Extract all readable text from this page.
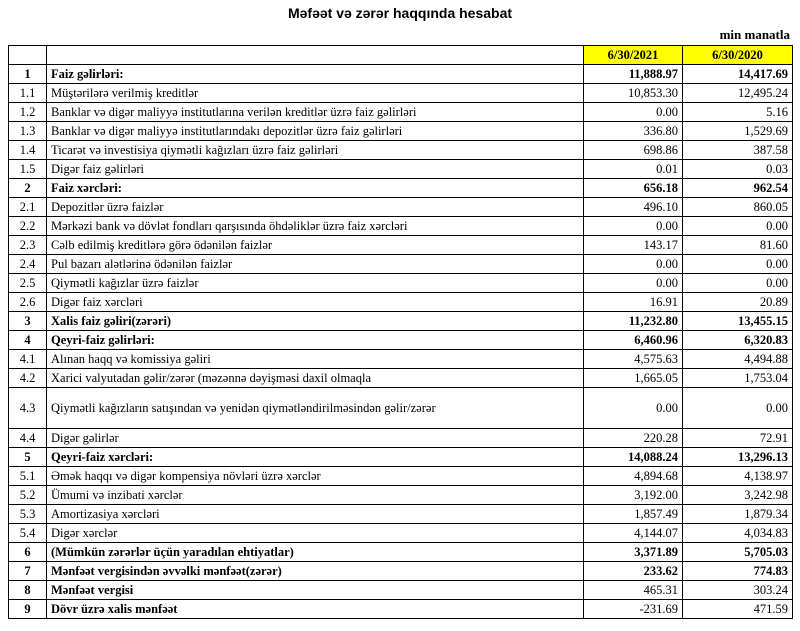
Məfəət və zərər haqqında hesabat
min manatla
		6/30/2021	6/30/2020
1	Faiz gəlirləri:	11,888.97	14,417.69
1.1	Müştərilərə verilmiş kreditlər	10,853.30	12,495.24
1.2	Banklar və digər maliyyə institutlarına verilən kreditlər üzrə faiz gəlirləri	0.00	5.16
1.3	Banklar və digər maliyyə institutlarındakı depozitlər üzrə faiz gəlirləri	336.80	1,529.69
1.4	Ticarət və investisiya qiymətli kağızları üzrə faiz gəlirləri	698.86	387.58
1.5	Digər faiz gəlirləri	0.01	0.03
2	Faiz xərcləri:	656.18	962.54
2.1	Depozitlər üzrə faizlər	496.10	860.05
2.2	Mərkəzi bank və dövlət fondları qarşısında öhdəliklər üzrə faiz xərcləri	0.00	0.00
2.3	Cəlb edilmiş kreditlərə görə ödənilən faizlər	143.17	81.60
2.4	Pul bazarı alətlərinə ödənilən faizlər	0.00	0.00
2.5	Qiymətli kağızlar üzrə faizlər	0.00	0.00
2.6	Digər faiz xərcləri	16.91	20.89
3	Xalis faiz gəliri(zərəri)	11,232.80	13,455.15
4	Qeyri-faiz gəlirləri:	6,460.96	6,320.83
4.1	Alınan haqq və komissiya gəliri	4,575.63	4,494.88
4.2	Xarici valyutadan gəlir/zərər (məzənnə dəyişməsi daxil olmaqla	1,665.05	1,753.04
4.3	Qiymətli kağızların satışından və yenidən qiymətləndirilməsindən gəlir/zərər	0.00	0.00
4.4	Digər gəlirlər	220.28	72.91
5	Qeyri-faiz xərcləri:	14,088.24	13,296.13
5.1	Əmək haqqı və digər kompensiya növləri üzrə xərclər	4,894.68	4,138.97
5.2	Ümumi və inzibati xərclər	3,192.00	3,242.98
5.3	Amortizasiya xərcləri	1,857.49	1,879.34
5.4	Digər xərclər	4,144.07	4,034.83
6	(Mümkün zərərlər üçün yaradılan ehtiyatlar)	3,371.89	5,705.03
7	Mənfəət vergisindən əvvəlki mənfəət(zərər)	233.62	774.83
8	Mənfəət vergisi	465.31	303.24
9	Dövr üzrə xalis mənfəət	-231.69	471.59
